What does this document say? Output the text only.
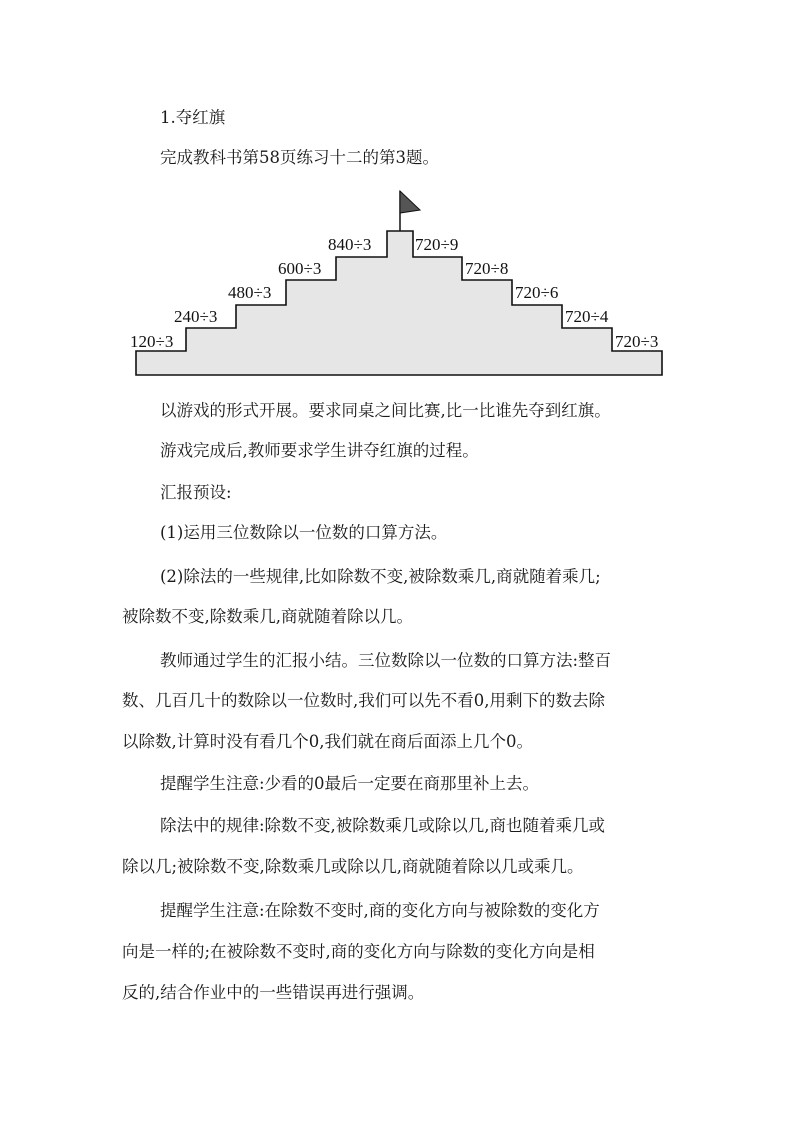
1.夺红旗
完成教科书第58页练习十二的第3题。
120÷3
240÷3
480÷3
600÷3
840÷3	720÷9
720÷8
720÷6
720÷4
720÷3
以游戏的形式开展。要求同桌之间比赛,比一比谁先夺到红旗。
游戏完成后,教师要求学生讲夺红旗的过程。
汇报预设:
(1)运用三位数除以一位数的口算方法。
(2)除法的一些规律,比如除数不变,被除数乘几,商就随着乘几;
被除数不变,除数乘几,商就随着除以几。
教师通过学生的汇报小结。三位数除以一位数的口算方法:整百
数、几百几十的数除以一位数时,我们可以先不看0,用剩下的数去除
以除数,计算时没有看几个0,我们就在商后面添上几个0。
提醒学生注意:少看的0最后一定要在商那里补上去。
除法中的规律:除数不变,被除数乘几或除以几,商也随着乘几或
除以几;被除数不变,除数乘几或除以几,商就随着除以几或乘几。
提醒学生注意:在除数不变时,商的变化方向与被除数的变化方
向是一样的;在被除数不变时,商的变化方向与除数的变化方向是相
反的,结合作业中的一些错误再进行强调。
